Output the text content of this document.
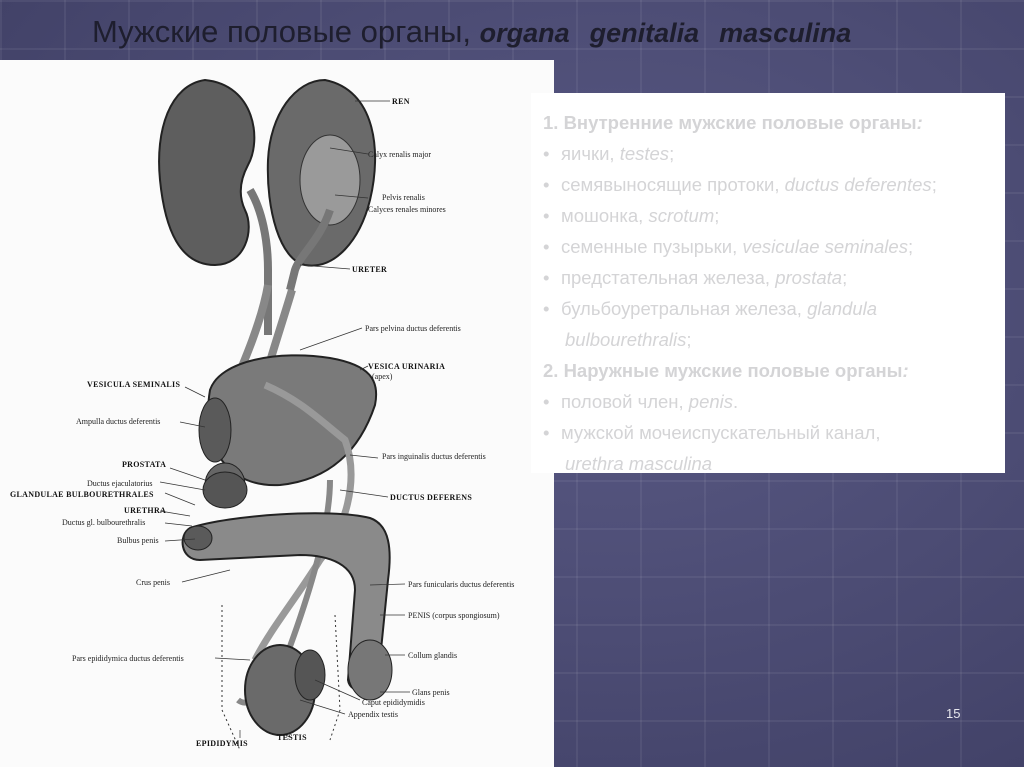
Мужские половые органы, organa genitalia masculina
REN
Calyx renalis major
Pelvis renalis
Calyces renales minores
URETER
Pars pelvina ductus deferentis
VESICA URINARIA
(apex)
VESICULA SEMINALIS
Ampulla ductus deferentis
Pars inguinalis ductus deferentis
PROSTATA
Ductus ejaculatorius
GLANDULAE BULBOURETHRALES	DUCTUS DEFERENS
URETHRA
Ductus gl. bulbourethralis
Bulbus penis
Crus penis	Pars funicularis ductus deferentis
PENIS (corpus spongiosum)
Pars epididymica ductus deferentis	Collum glandis
Glans penis
Caput epididymidis
Appendix testis
EPIDIDYMIS
TESTIS
1. Внутренние мужские половые органы:
• яички, testes;
• семявыносящие протоки, ductus deferentes;
• мошонка, scrotum;
• семенные пузырьки, vesiculae seminales;
• предстательная железа, prostata;
• бульбоуретральная железа, glandula
bulbourethralis;
2. Наружные мужские половые органы:
• половой член, penis.
• мужской мочеиспускательный канал,
urethra masculina
15
